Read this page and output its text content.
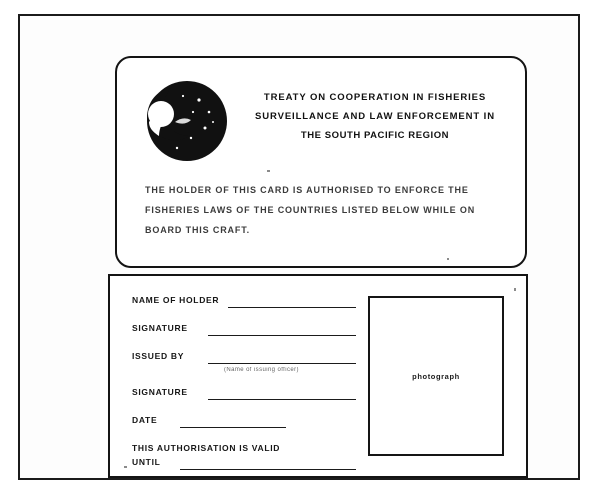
TREATY ON COOPERATION IN FISHERIES
SURVEILLANCE AND LAW ENFORCEMENT IN
THE SOUTH PACIFIC REGION
THE HOLDER OF THIS CARD IS AUTHORISED TO ENFORCE THE
FISHERIES LAWS OF THE COUNTRIES LISTED BELOW WHILE ON
BOARD THIS CRAFT.
NAME OF HOLDER
SIGNATURE
ISSUED BY
(Name of issuing officer)
SIGNATURE
DATE
THIS AUTHORISATION IS VALID
UNTIL
photograph
